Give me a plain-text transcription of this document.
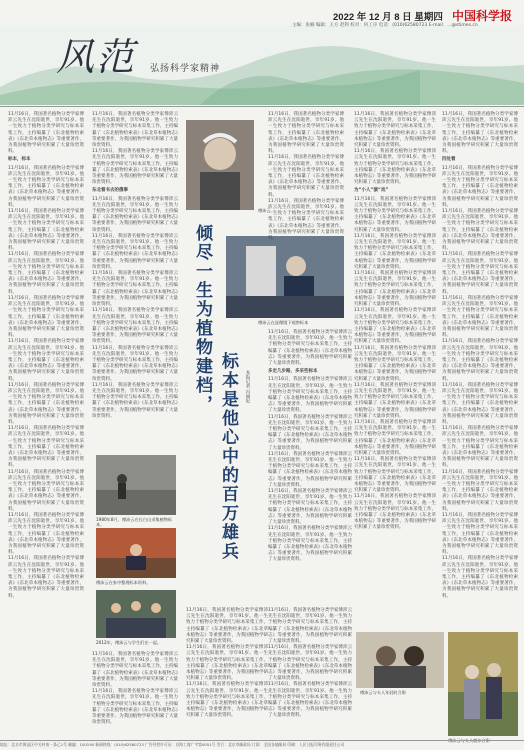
风范 弘扬科学家精神
2022 年 12 月 8 日 星期四 中国科学报
主编：张楠 编辑：王方 赵利 校对：何工序 电话：(010)62580723 E-mail：...@stimes.cn

11月16日，我国著名植物分类学家傅沛云先生在沈阳逝世，享年91岁。他一生致力于植物分类学研究与标本采集工作，主持编纂了《东北植物检索表》《东北草本植物志》等重要著作，为我国植物学研究积累了大量珍贵资料。

标本，标本

11月16日，我国著名植物分类学家傅沛云先生在沈阳逝世，享年91岁。他一生致力于植物分类学研究与标本采集工作，主持编纂了《东北植物检索表》《东北草本植物志》等重要著作，为我国植物学研究积累了大量珍贵资料。

11月16日，我国著名植物分类学家傅沛云先生在沈阳逝世，享年91岁。他一生致力于植物分类学研究与标本采集工作，主持编纂了《东北植物检索表》《东北草本植物志》等重要著作，为我国植物学研究积累了大量珍贵资料。

11月16日，我国著名植物分类学家傅沛云先生在沈阳逝世，享年91岁。他一生致力于植物分类学研究与标本采集工作，主持编纂了《东北植物检索表》《东北草本植物志》等重要著作，为我国植物学研究积累了大量珍贵资料。

11月16日，我国著名植物分类学家傅沛云先生在沈阳逝世，享年91岁。他一生致力于植物分类学研究与标本采集工作，主持编纂了《东北植物检索表》《东北草本植物志》等重要著作，为我国植物学研究积累了大量珍贵资料。

11月16日，我国著名植物分类学家傅沛云先生在沈阳逝世，享年91岁。他一生致力于植物分类学研究与标本采集工作，主持编纂了《东北植物检索表》《东北草本植物志》等重要著作，为我国植物学研究积累了大量珍贵资料。

11月16日，我国著名植物分类学家傅沛云先生在沈阳逝世，享年91岁。他一生致力于植物分类学研究与标本采集工作，主持编纂了《东北植物检索表》《东北草本植物志》等重要著作，为我国植物学研究积累了大量珍贵资料。

11月16日，我国著名植物分类学家傅沛云先生在沈阳逝世，享年91岁。他一生致力于植物分类学研究与标本采集工作，主持编纂了《东北植物检索表》《东北草本植物志》等重要著作，为我国植物学研究积累了大量珍贵资料。

11月16日，我国著名植物分类学家傅沛云先生在沈阳逝世，享年91岁。他一生致力于植物分类学研究与标本采集工作，主持编纂了《东北植物检索表》《东北草本植物志》等重要著作，为我国植物学研究积累了大量珍贵资料。

11月16日，我国著名植物分类学家傅沛云先生在沈阳逝世，享年91岁。他一生致力于植物分类学研究与标本采集工作，主持编纂了《东北植物检索表》《东北草本植物志》等重要著作，为我国植物学研究积累了大量珍贵资料。

11月16日，我国著名植物分类学家傅沛云先生在沈阳逝世，享年91岁。他一生致力于植物分类学研究与标本采集工作，主持编纂了《东北植物检索表》《东北草本植物志》等重要著作，为我国植物学研究积累了大量珍贵资料。

11月16日，我国著名植物分类学家傅沛云先生在沈阳逝世，享年91岁。他一生致力于植物分类学研究与标本采集工作，主持编纂了《东北植物检索表》《东北草本植物志》等重要著作，为我国植物学研究积累了大量珍贵资料。

11月16日，我国著名植物分类学家傅沛云先生在沈阳逝世，享年91岁。他一生致力于植物分类学研究与标本采集工作，主持编纂了《东北植物检索表》《东北草本植物志》等重要著作，为我国植物学研究积累了大量珍贵资料。

东北看书去的傻事

11月16日，我国著名植物分类学家傅沛云先生在沈阳逝世，享年91岁。他一生致力于植物分类学研究与标本采集工作，主持编纂了《东北植物检索表》《东北草本植物志》等重要著作，为我国植物学研究积累了大量珍贵资料。

11月16日，我国著名植物分类学家傅沛云先生在沈阳逝世，享年91岁。他一生致力于植物分类学研究与标本采集工作，主持编纂了《东北植物检索表》《东北草本植物志》等重要著作，为我国植物学研究积累了大量珍贵资料。

11月16日，我国著名植物分类学家傅沛云先生在沈阳逝世，享年91岁。他一生致力于植物分类学研究与标本采集工作，主持编纂了《东北植物检索表》《东北草本植物志》等重要著作，为我国植物学研究积累了大量珍贵资料。

11月16日，我国著名植物分类学家傅沛云先生在沈阳逝世，享年91岁。他一生致力于植物分类学研究与标本采集工作，主持编纂了《东北植物检索表》《东北草本植物志》等重要著作，为我国植物学研究积累了大量珍贵资料。

11月16日，我国著名植物分类学家傅沛云先生在沈阳逝世，享年91岁。他一生致力于植物分类学研究与标本采集工作，主持编纂了《东北植物检索表》《东北草本植物志》等重要著作，为我国植物学研究积累了大量珍贵资料。

11月16日，我国著名植物分类学家傅沛云先生在沈阳逝世，享年91岁。他一生致力于植物分类学研究与标本采集工作，主持编纂了《东北植物检索表》《东北草本植物志》等重要著作，为我国植物学研究积累了大量珍贵资料。

1980年8月，傅沛云在长白山采集植物标本。
傅沛云在家中整理标本资料。
2012年，傅沛云与学生们在一起。

11月16日，我国著名植物分类学家傅沛云先生在沈阳逝世，享年91岁。他一生致力于植物分类学研究与标本采集工作，主持编纂了《东北植物检索表》《东北草本植物志》等重要著作，为我国植物学研究积累了大量珍贵资料。

11月16日，我国著名植物分类学家傅沛云先生在沈阳逝世，享年91岁。他一生致力于植物分类学研究与标本采集工作，主持编纂了《东北植物检索表》《东北草本植物志》等重要著作，为我国植物学研究积累了大量珍贵资料。

傅沛云
傅沛云在显微镜下观察标本
倾尽一生为植物建档，
标本是他心中的百万雄兵	本报记者 冯丽妃

11月16日，我国著名植物分类学家傅沛云先生在沈阳逝世，享年91岁。他一生致力于植物分类学研究与标本采集工作，主持编纂了《东北植物检索表》《东北草本植物志》等重要著作，为我国植物学研究积累了大量珍贵资料。

11月16日，我国著名植物分类学家傅沛云先生在沈阳逝世，享年91岁。他一生致力于植物分类学研究与标本采集工作，主持编纂了《东北植物检索表》《东北草本植物志》等重要著作，为我国植物学研究积累了大量珍贵资料。

11月16日，我国著名植物分类学家傅沛云先生在沈阳逝世，享年91岁。他一生致力于植物分类学研究与标本采集工作，主持编纂了《东北植物检索表》《东北草本植物志》等重要著作，为我国植物学研究积累了大量珍贵资料。

11月16日，我国著名植物分类学家傅沛云先生在沈阳逝世，享年91岁。他一生致力于植物分类学研究与标本采集工作，主持编纂了《东北植物检索表》《东北草本植物志》等重要著作，为我国植物学研究积累了大量珍贵资料。

11月16日，我国著名植物分类学家傅沛云先生在沈阳逝世，享年91岁。他一生致力于植物分类学研究与标本采集工作，主持编纂了《东北植物检索表》《东北草本植物志》等重要著作，为我国植物学研究积累了大量珍贵资料。

11月16日，我国著名植物分类学家傅沛云先生在沈阳逝世，享年91岁。他一生致力于植物分类学研究与标本采集工作，主持编纂了《东北植物检索表》《东北草本植物志》等重要著作，为我国植物学研究积累了大量珍贵资料。

11月16日，我国著名植物分类学家傅沛云先生在沈阳逝世，享年91岁。他一生致力于植物分类学研究与标本采集工作，主持编纂了《东北植物检索表》《东北草本植物志》等重要著作，为我国植物学研究积累了大量珍贵资料。

11月16日，我国著名植物分类学家傅沛云先生在沈阳逝世，享年91岁。他一生致力于植物分类学研究与标本采集工作，主持编纂了《东北植物检索表》《东北草本植物志》等重要著作，为我国植物学研究积累了大量珍贵资料。

11月16日，我国著名植物分类学家傅沛云先生在沈阳逝世，享年91岁。他一生致力于植物分类学研究与标本采集工作，主持编纂了《东北植物检索表》《东北草本植物志》等重要著作，为我国植物学研究积累了大量珍贵资料。

11月16日，我国著名植物分类学家傅沛云先生在沈阳逝世，享年91岁。他一生致力于植物分类学研究与标本采集工作，主持编纂了《东北植物检索表》《东北草本植物志》等重要著作，为我国植物学研究积累了大量珍贵资料。

多走几步路，多采些标本

11月16日，我国著名植物分类学家傅沛云先生在沈阳逝世，享年91岁。他一生致力于植物分类学研究与标本采集工作，主持编纂了《东北植物检索表》《东北草本植物志》等重要著作，为我国植物学研究积累了大量珍贵资料。

11月16日，我国著名植物分类学家傅沛云先生在沈阳逝世，享年91岁。他一生致力于植物分类学研究与标本采集工作，主持编纂了《东北植物检索表》《东北草本植物志》等重要著作，为我国植物学研究积累了大量珍贵资料。

11月16日，我国著名植物分类学家傅沛云先生在沈阳逝世，享年91岁。他一生致力于植物分类学研究与标本采集工作，主持编纂了《东北植物检索表》《东北草本植物志》等重要著作，为我国植物学研究积累了大量珍贵资料。

11月16日，我国著名植物分类学家傅沛云先生在沈阳逝世，享年91岁。他一生致力于植物分类学研究与标本采集工作，主持编纂了《东北植物检索表》《东北草本植物志》等重要著作，为我国植物学研究积累了大量珍贵资料。

11月16日，我国著名植物分类学家傅沛云先生在沈阳逝世，享年91岁。他一生致力于植物分类学研究与标本采集工作，主持编纂了《东北植物检索表》《东北草本植物志》等重要著作，为我国植物学研究积累了大量珍贵资料。

11月16日，我国著名植物分类学家傅沛云先生在沈阳逝世，享年91岁。他一生致力于植物分类学研究与标本采集工作，主持编纂了《东北植物检索表》《东北草本植物志》等重要著作，为我国植物学研究积累了大量珍贵资料。

11月16日，我国著名植物分类学家傅沛云先生在沈阳逝世，享年91岁。他一生致力于植物分类学研究与标本采集工作，主持编纂了《东北植物检索表》《东北草本植物志》等重要著作，为我国植物学研究积累了大量珍贵资料。

为“小人”演“戏”

11月16日，我国著名植物分类学家傅沛云先生在沈阳逝世，享年91岁。他一生致力于植物分类学研究与标本采集工作，主持编纂了《东北植物检索表》《东北草本植物志》等重要著作，为我国植物学研究积累了大量珍贵资料。

11月16日，我国著名植物分类学家傅沛云先生在沈阳逝世，享年91岁。他一生致力于植物分类学研究与标本采集工作，主持编纂了《东北植物检索表》《东北草本植物志》等重要著作，为我国植物学研究积累了大量珍贵资料。

11月16日，我国著名植物分类学家傅沛云先生在沈阳逝世，享年91岁。他一生致力于植物分类学研究与标本采集工作，主持编纂了《东北植物检索表》《东北草本植物志》等重要著作，为我国植物学研究积累了大量珍贵资料。

11月16日，我国著名植物分类学家傅沛云先生在沈阳逝世，享年91岁。他一生致力于植物分类学研究与标本采集工作，主持编纂了《东北植物检索表》《东北草本植物志》等重要著作，为我国植物学研究积累了大量珍贵资料。

11月16日，我国著名植物分类学家傅沛云先生在沈阳逝世，享年91岁。他一生致力于植物分类学研究与标本采集工作，主持编纂了《东北植物检索表》《东北草本植物志》等重要著作，为我国植物学研究积累了大量珍贵资料。

11月16日，我国著名植物分类学家傅沛云先生在沈阳逝世，享年91岁。他一生致力于植物分类学研究与标本采集工作，主持编纂了《东北植物检索表》《东北草本植物志》等重要著作，为我国植物学研究积累了大量珍贵资料。

11月16日，我国著名植物分类学家傅沛云先生在沈阳逝世，享年91岁。他一生致力于植物分类学研究与标本采集工作，主持编纂了《东北植物检索表》《东北草本植物志》等重要著作，为我国植物学研究积累了大量珍贵资料。

11月16日，我国著名植物分类学家傅沛云先生在沈阳逝世，享年91岁。他一生致力于植物分类学研究与标本采集工作，主持编纂了《东北植物检索表》《东北草本植物志》等重要著作，为我国植物学研究积累了大量珍贵资料。

11月16日，我国著名植物分类学家傅沛云先生在沈阳逝世，享年91岁。他一生致力于植物分类学研究与标本采集工作，主持编纂了《东北植物检索表》《东北草本植物志》等重要著作，为我国植物学研究积累了大量珍贵资料。

11月16日，我国著名植物分类学家傅沛云先生在沈阳逝世，享年91岁。他一生致力于植物分类学研究与标本采集工作，主持编纂了《东北植物检索表》《东北草本植物志》等重要著作，为我国植物学研究积累了大量珍贵资料。

四处看

11月16日，我国著名植物分类学家傅沛云先生在沈阳逝世，享年91岁。他一生致力于植物分类学研究与标本采集工作，主持编纂了《东北植物检索表》《东北草本植物志》等重要著作，为我国植物学研究积累了大量珍贵资料。

11月16日，我国著名植物分类学家傅沛云先生在沈阳逝世，享年91岁。他一生致力于植物分类学研究与标本采集工作，主持编纂了《东北植物检索表》《东北草本植物志》等重要著作，为我国植物学研究积累了大量珍贵资料。

11月16日，我国著名植物分类学家傅沛云先生在沈阳逝世，享年91岁。他一生致力于植物分类学研究与标本采集工作，主持编纂了《东北植物检索表》《东北草本植物志》等重要著作，为我国植物学研究积累了大量珍贵资料。

11月16日，我国著名植物分类学家傅沛云先生在沈阳逝世，享年91岁。他一生致力于植物分类学研究与标本采集工作，主持编纂了《东北植物检索表》《东北草本植物志》等重要著作，为我国植物学研究积累了大量珍贵资料。

11月16日，我国著名植物分类学家傅沛云先生在沈阳逝世，享年91岁。他一生致力于植物分类学研究与标本采集工作，主持编纂了《东北植物检索表》《东北草本植物志》等重要著作，为我国植物学研究积累了大量珍贵资料。

11月16日，我国著名植物分类学家傅沛云先生在沈阳逝世，享年91岁。他一生致力于植物分类学研究与标本采集工作，主持编纂了《东北植物检索表》《东北草本植物志》等重要著作，为我国植物学研究积累了大量珍贵资料。

11月16日，我国著名植物分类学家傅沛云先生在沈阳逝世，享年91岁。他一生致力于植物分类学研究与标本采集工作，主持编纂了《东北植物检索表》《东北草本植物志》等重要著作，为我国植物学研究积累了大量珍贵资料。

11月16日，我国著名植物分类学家傅沛云先生在沈阳逝世，享年91岁。他一生致力于植物分类学研究与标本采集工作，主持编纂了《东北植物检索表》《东北草本植物志》等重要著作，为我国植物学研究积累了大量珍贵资料。

11月16日，我国著名植物分类学家傅沛云先生在沈阳逝世，享年91岁。他一生致力于植物分类学研究与标本采集工作，主持编纂了《东北植物检索表》《东北草本植物志》等重要著作，为我国植物学研究积累了大量珍贵资料。

11月16日，我国著名植物分类学家傅沛云先生在沈阳逝世，享年91岁。他一生致力于植物分类学研究与标本采集工作，主持编纂了《东北植物检索表》《东北草本植物志》等重要著作，为我国植物学研究积累了大量珍贵资料。

傅沛云与夫人年轻时合影
傅沛云与夫人晚年合影
地址：北京市海淀区中关村南一条乙1号 邮编：100190 新闻热线：(010)62580723 广告经营许可证：京海工商广字第0051号 发行：北京市邮政局 订阅：全国各地邮局 印刷：人民日报印务有限责任公司
